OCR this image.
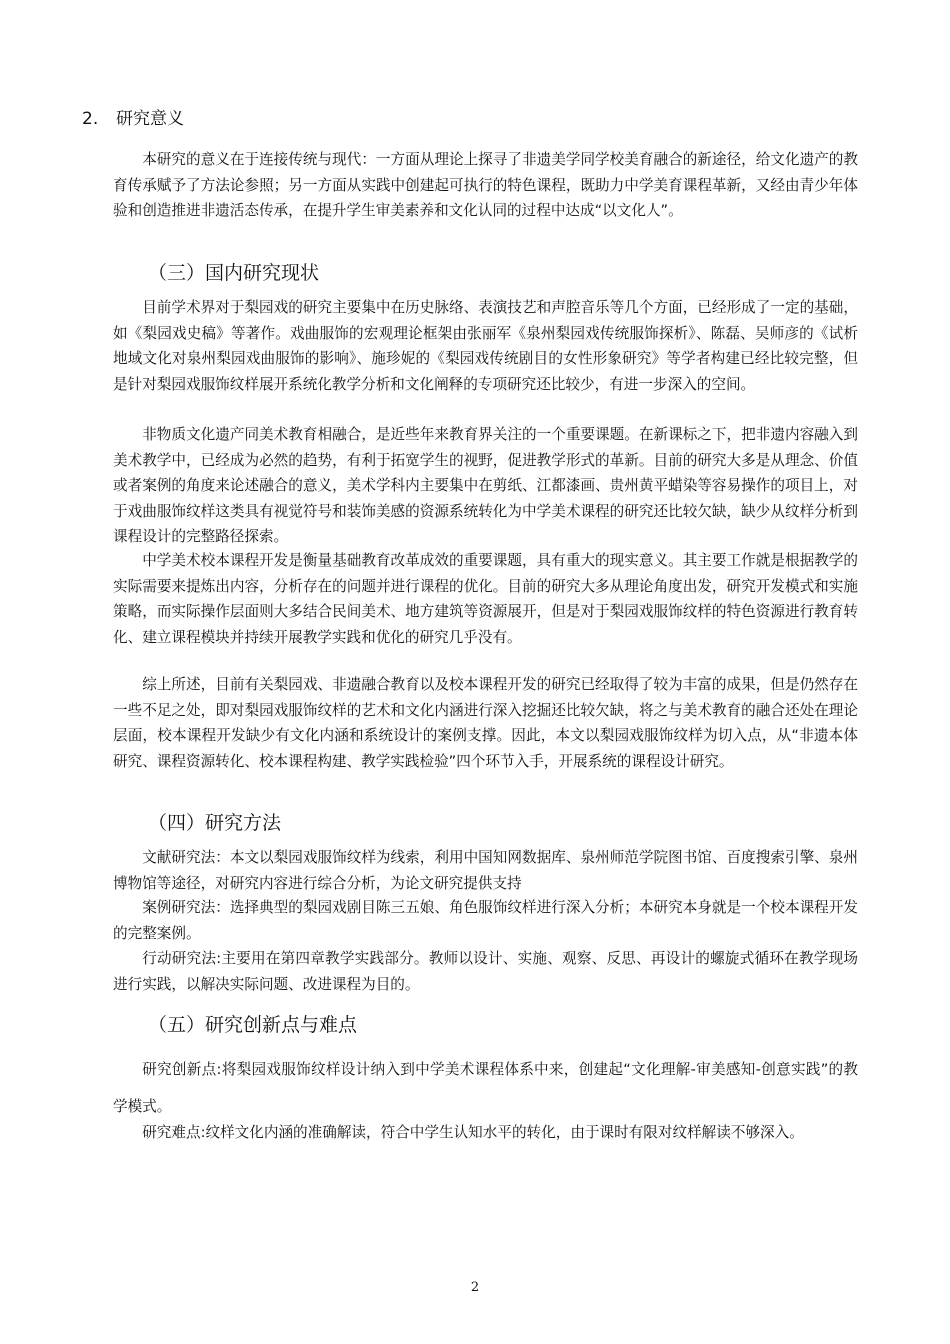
2. 研究意义

本研究的意义在于连接传统与现代：一方面从理论上探寻了非遗美学同学校美育融合的新途径，给文化遗产的教育传承赋予了方法论参照；另一方面从实践中创建起可执行的特色课程，既助力中学美育课程革新，又经由青少年体验和创造推进非遗活态传承，在提升学生审美素养和文化认同的过程中达成“以文化人”。

（三）国内研究现状

目前学术界对于梨园戏的研究主要集中在历史脉络、表演技艺和声腔音乐等几个方面，已经形成了一定的基础，如《梨园戏史稿》等著作。戏曲服饰的宏观理论框架由张丽军《泉州梨园戏传统服饰探析》、陈磊、吴师彦的《试析地域文化对泉州梨园戏曲服饰的影响》、施珍妮的《梨园戏传统剧目的女性形象研究》等学者构建已经比较完整，但是针对梨园戏服饰纹样展开系统化教学分析和文化阐释的专项研究还比较少，有进一步深入的空间。

非物质文化遗产同美术教育相融合，是近些年来教育界关注的一个重要课题。在新课标之下，把非遗内容融入到美术教学中，已经成为必然的趋势，有利于拓宽学生的视野，促进教学形式的革新。目前的研究大多是从理念、价值或者案例的角度来论述融合的意义，美术学科内主要集中在剪纸、江都漆画、贵州黄平蜡染等容易操作的项目上，对于戏曲服饰纹样这类具有视觉符号和装饰美感的资源系统转化为中学美术课程的研究还比较欠缺，缺少从纹样分析到课程设计的完整路径探索。

中学美术校本课程开发是衡量基础教育改革成效的重要课题，具有重大的现实意义。其主要工作就是根据教学的实际需要来提炼出内容，分析存在的问题并进行课程的优化。目前的研究大多从理论角度出发，研究开发模式和实施策略，而实际操作层面则大多结合民间美术、地方建筑等资源展开，但是对于梨园戏服饰纹样的特色资源进行教育转化、建立课程模块并持续开展教学实践和优化的研究几乎没有。

综上所述，目前有关梨园戏、非遗融合教育以及校本课程开发的研究已经取得了较为丰富的成果，但是仍然存在一些不足之处，即对梨园戏服饰纹样的艺术和文化内涵进行深入挖掘还比较欠缺，将之与美术教育的融合还处在理论层面，校本课程开发缺少有文化内涵和系统设计的案例支撑。因此，本文以梨园戏服饰纹样为切入点，从“非遗本体研究、课程资源转化、校本课程构建、教学实践检验”四个环节入手，开展系统的课程设计研究。

（四）研究方法

文献研究法：本文以梨园戏服饰纹样为线索，利用中国知网数据库、泉州师范学院图书馆、百度搜索引擎、泉州博物馆等途径，对研究内容进行综合分析，为论文研究提供支持

案例研究法：选择典型的梨园戏剧目陈三五娘、角色服饰纹样进行深入分析；本研究本身就是一个校本课程开发的完整案例。

行动研究法:主要用在第四章教学实践部分。教师以设计、实施、观察、反思、再设计的螺旋式循环在教学现场进行实践，以解决实际问题、改进课程为目的。

（五）研究创新点与难点

研究创新点:将梨园戏服饰纹样设计纳入到中学美术课程体系中来，创建起“文化理解-审美感知-创意实践”的教学模式。

研究难点:纹样文化内涵的准确解读，符合中学生认知水平的转化，由于课时有限对纹样解读不够深入。

2
